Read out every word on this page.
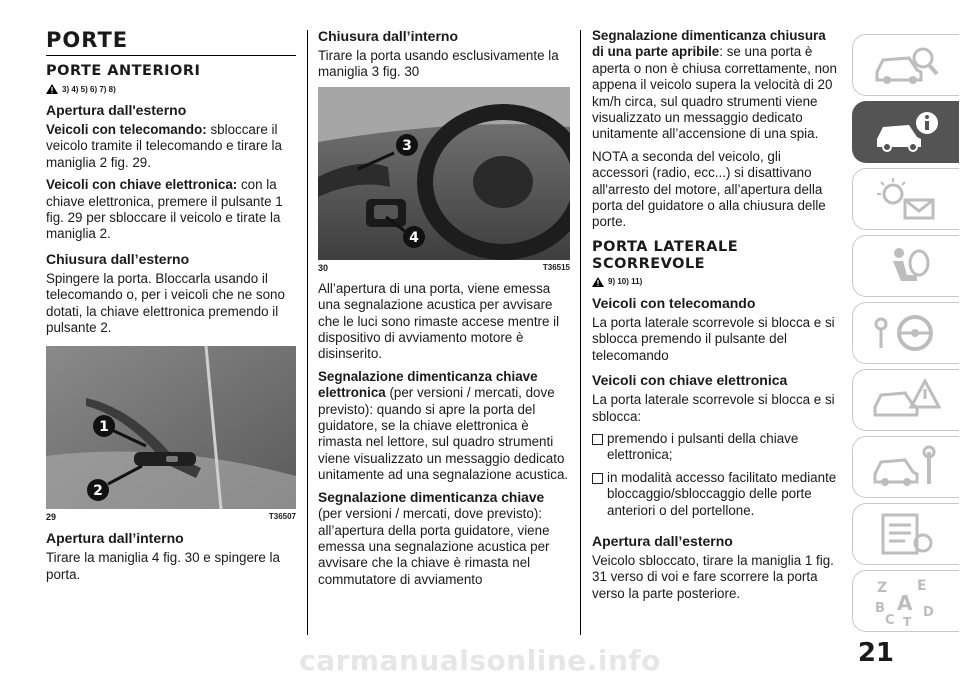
PORTE
PORTE ANTERIORI
3) 4) 5) 6) 7) 8)
Apertura dall'esterno

Veicoli con telecomando: sbloccare il veicolo tramite il telecomando e tirare la maniglia 2 fig. 29.

Veicoli con chiave elettronica: con la chiave elettronica, premere il pulsante 1 fig. 29 per sbloccare il veicolo e tirate la maniglia 2.

Chiusura dall’esterno

Spingere la porta. Bloccarla usando il telecomando o, per i veicoli che ne sono dotati, la chiave elettronica premendo il pulsante 2.

1
2
29	T36507
Apertura dall’interno

Tirare la maniglia 4 fig. 30 e spingere la porta.

Chiusura dall’interno

Tirare la porta usando esclusivamente la maniglia 3 fig. 30

3
4
30	T36515

All’apertura di una porta, viene emessa una segnalazione acustica per avvisare che le luci sono rimaste accese mentre il dispositivo di avviamento motore è disinserito.

Segnalazione dimenticanza chiave elettronica (per versioni / mercati, dove previsto): quando si apre la porta del guidatore, se la chiave elettronica è rimasta nel lettore, sul quadro strumenti viene visualizzato un messaggio dedicato unitamente ad una segnalazione acustica.

Segnalazione dimenticanza chiave

(per versioni / mercati, dove previsto): all’apertura della porta guidatore, viene emessa una segnalazione acustica per avvisare che la chiave è rimasta nel commutatore di avviamento

Segnalazione dimenticanza chiusura di una parte apribile: se una porta è aperta o non è chiusa correttamente, non appena il veicolo supera la velocità di 20 km/h circa, sul quadro strumenti viene visualizzato un messaggio dedicato unitamente all’accensione di una spia.

NOTA a seconda del veicolo, gli accessori (radio, ecc...) si disattivano all'arresto del motore, all’apertura della porta del guidatore o alla chiusura delle porte.

PORTA LATERALE SCORREVOLE
9) 10) 11)
Veicoli con telecomando

La porta laterale scorrevole si blocca e si sblocca premendo il pulsante del telecomando

Veicoli con chiave elettronica

La porta laterale scorrevole si blocca e si sblocca:

premendo i pulsanti della chiave elettronica;

in modalità accesso facilitato mediante bloccaggio/sbloccaggio delle porte anteriori o del portellone.

Apertura dall’esterno

Veicolo sbloccato, tirare la maniglia 1 fig. 31 verso di voi e fare scorrere la porta verso la parte posteriore.	Z E
A
B
C
D
T
21
carmanualsonline.info
